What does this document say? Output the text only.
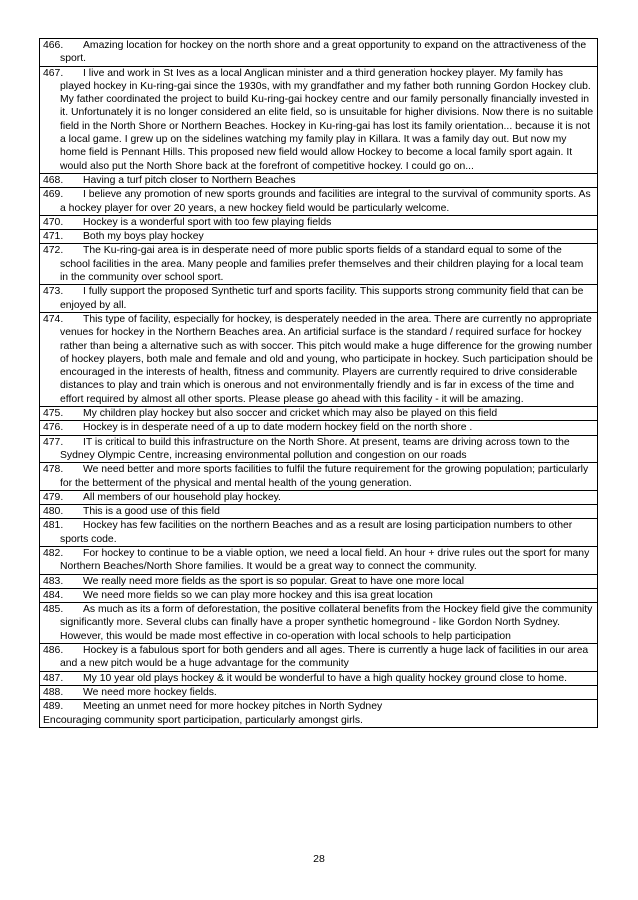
466. Amazing location for hockey on the north shore and a great opportunity to expand on the attractiveness of the sport.
467. I live and work in St Ives as a local Anglican minister and a third generation hockey player. My family has played hockey in Ku-ring-gai since the 1930s, with my grandfather and my father both running Gordon Hockey club. My father coordinated the project to build Ku-ring-gai hockey centre and our family personally financially invested in it. Unfortunately it is no longer considered an elite field, so is unsuitable for higher divisions. Now there is no suitable field in the North Shore or Northern Beaches. Hockey in Ku-ring-gai has lost its family orientation... because it is not a local game. I grew up on the sidelines watching my family play in Killara. It was a family day out. But now my home field is Pennant Hills. This proposed new field would allow Hockey to become a local family sport again. It would also put the North Shore back at the forefront of competitive hockey. I could go on...
468. Having a turf pitch closer to Northern Beaches
469. I believe any promotion of new sports grounds and facilities are integral to the survival of community sports. As a hockey player for over 20 years, a new hockey field would be particularly welcome.
470. Hockey is a wonderful sport with too few playing fields
471. Both my boys play hockey
472. The Ku-ring-gai area is in desperate need of more public sports fields of a standard equal to some of the school facilities in the area. Many people and families prefer themselves and their children playing for a local team in the community over school sport.
473. I fully support the proposed Synthetic turf and sports facility. This supports strong community field that can be enjoyed by all.
474. This type of facility, especially for hockey, is desperately needed in the area. There are currently no appropriate venues for hockey in the Northern Beaches area. An artificial surface is the standard / required surface for hockey rather than being a alternative such as with soccer. This pitch would make a huge difference for the growing number of hockey players, both male and female and old and young, who participate in hockey. Such participation should be encouraged in the interests of health, fitness and community. Players are currently required to drive considerable distances to play and train which is onerous and not environmentally friendly and is far in excess of the time and effort required by almost all other sports. Please please go ahead with this facility - it will be amazing.
475. My children play hockey but also soccer and cricket which may also be played on this field
476. Hockey is in desperate need of a up to date modern hockey field on the north shore .
477. IT is critical to build this infrastructure on the North Shore. At present, teams are driving across town to the Sydney Olympic Centre, increasing environmental pollution and congestion on our roads
478. We need better and more sports facilities to fulfil the future requirement for the growing population; particularly for the betterment of the physical and mental health of the young generation.
479. All members of our household play hockey.
480. This is a good use of this field
481. Hockey has few facilities on the northern Beaches and as a result are losing participation numbers to other sports code.
482. For hockey to continue to be a viable option, we need a local field. An hour + drive rules out the sport for many Northern Beaches/North Shore families. It would be a great way to connect the community.
483. We really need more fields as the sport is so popular. Great to have one more local
484. We need more fields so we can play more hockey and this isa great location
485. As much as its a form of deforestation, the positive collateral benefits from the Hockey field give the community significantly more. Several clubs can finally have a proper synthetic homeground - like Gordon North Sydney. However, this would be made most effective in co-operation with local schools to help participation
486. Hockey is a fabulous sport for both genders and all ages. There is currently a huge lack of facilities in our area and a new pitch would be a huge advantage for the community
487. My 10 year old plays hockey & it would be wonderful to have a high quality hockey ground close to home.
488. We need more hockey fields.
489. Meeting an unmet need for more hockey pitches in North Sydney
Encouraging community sport participation, particularly amongst girls.
28
